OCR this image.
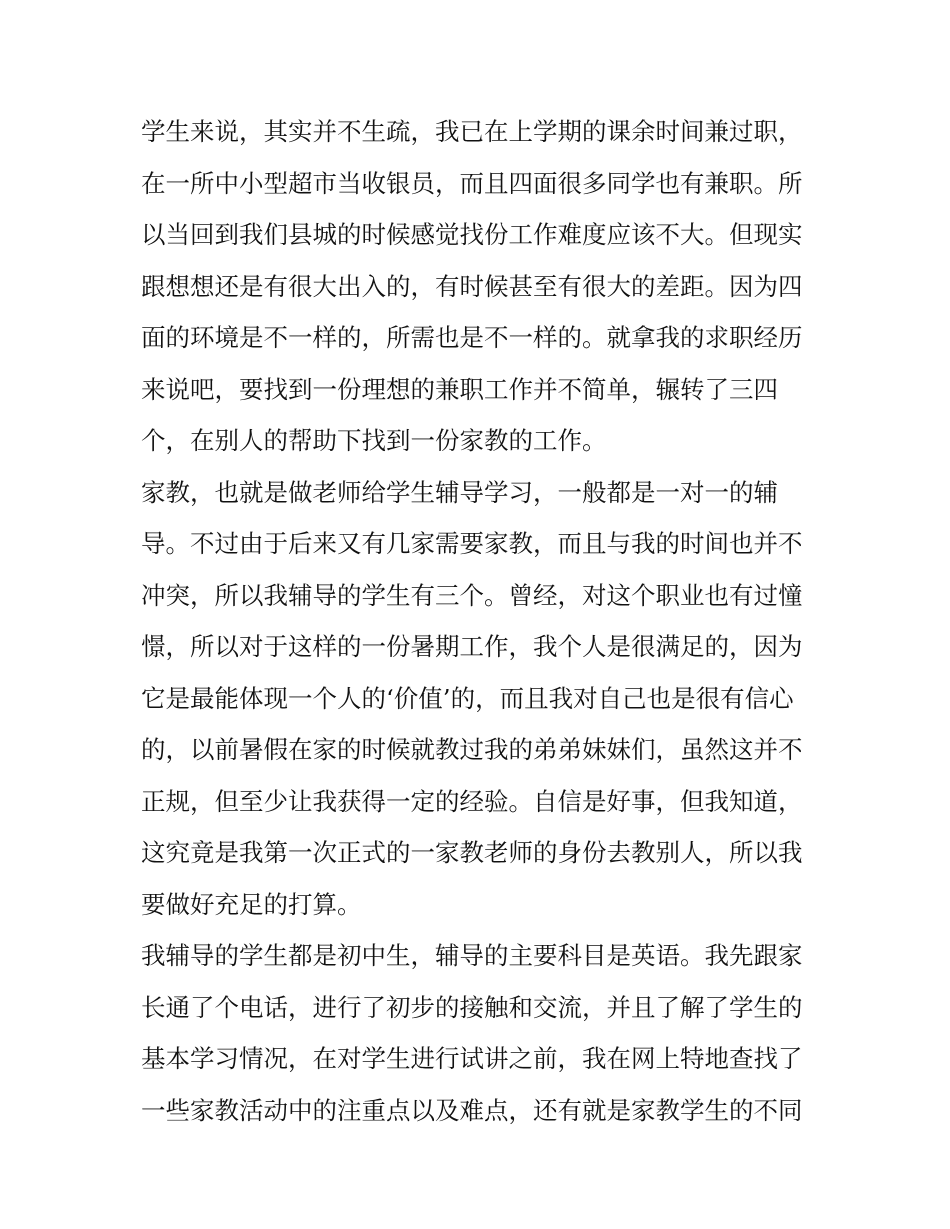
学生来说，其实并不生疏，我已在上学期的课余时间兼过职，
在一所中小型超市当收银员，而且四面很多同学也有兼职。所
以当回到我们县城的时候感觉找份工作难度应该不大。但现实
跟想想还是有很大出入的，有时候甚至有很大的差距。因为四
面的环境是不一样的，所需也是不一样的。就拿我的求职经历
来说吧，要找到一份理想的兼职工作并不简单，辗转了三四
个，在别人的帮助下找到一份家教的工作。
家教，也就是做老师给学生辅导学习，一般都是一对一的辅
导。不过由于后来又有几家需要家教，而且与我的时间也并不
冲突，所以我辅导的学生有三个。曾经，对这个职业也有过憧
憬，所以对于这样的一份暑期工作，我个人是很满足的，因为
它是最能体现一个人的‘价值’的，而且我对自己也是很有信心
的，以前暑假在家的时候就教过我的弟弟妹妹们，虽然这并不
正规，但至少让我获得一定的经验。自信是好事，但我知道，
这究竟是我第一次正式的一家教老师的身份去教别人，所以我
要做好充足的打算。
我辅导的学生都是初中生，辅导的主要科目是英语。我先跟家
长通了个电话，进行了初步的接触和交流，并且了解了学生的
基本学习情况，在对学生进行试讲之前，我在网上特地查找了
一些家教活动中的注重点以及难点，还有就是家教学生的不同
